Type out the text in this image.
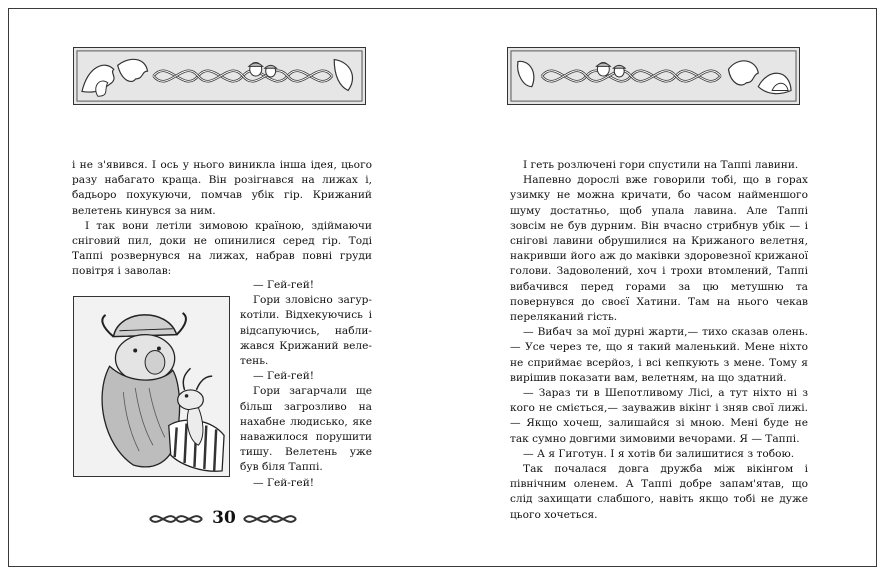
і не з'явився. І ось у нього виникла інша ідея, цього разу набагато краща. Він розігнався на лижах і, бадьоро похукуючи, помчав убік гір. Крижаний велетень кинувся за ним.

І так вони летіли зимовою країною, здіймаючи сніговий пил, доки не опинилися серед гір. Тоді Таппі розвернувся на лижах, набрав повні груди повітря і заволав:

— Гей-гей!

Гори зловісно загуркотіли. Відхекуючись і відсапуючись, наближався Крижаний велетень.

— Гей-гей!

Гори загарчали ще більш загрозливо на нахабне людисько, яке наважилося порушити тишу. Велетень уже був біля Таппі.

— Гей-гей!

30

І геть розлючені гори спустили на Таппі лавини.

Напевно дорослі вже говорили тобі, що в горах узимку не можна кричати, бо часом найменшого шуму достатньо, щоб упала лавина. Але Таппі зовсім не був дурним. Він вчасно стрибнув убік — і снігові лавини обрушилися на Крижаного велетня, накривши його аж до маківки здоровезної крижаної голови. Задоволений, хоч і трохи втомлений, Таппі вибачився перед горами за цю метушню та повернувся до своєї Хатини. Там на нього чекав переляканий гість.

— Вибач за мої дурні жарти,— тихо сказав олень.— Усе через те, що я такий маленький. Мене ніхто не сприймає всерйоз, і всі кепкують з мене. Тому я вирішив показати вам, велетням, на що здатний.

— Зараз ти в Шепотливому Лісі, а тут ніхто ні з кого не сміється,— зауважив вікінг і зняв свої лижі.— Якщо хочеш, залишайся зі мною. Мені буде не так сумно довгими зимовими вечорами. Я — Таппі.

— А я Гиготун. І я хотів би залишитися з тобою.

Так почалася довга дружба між вікінгом і північним оленем. А Таппі добре запам'ятав, що слід захищати слабшого, навіть якщо тобі не дуже цього хочеться.
